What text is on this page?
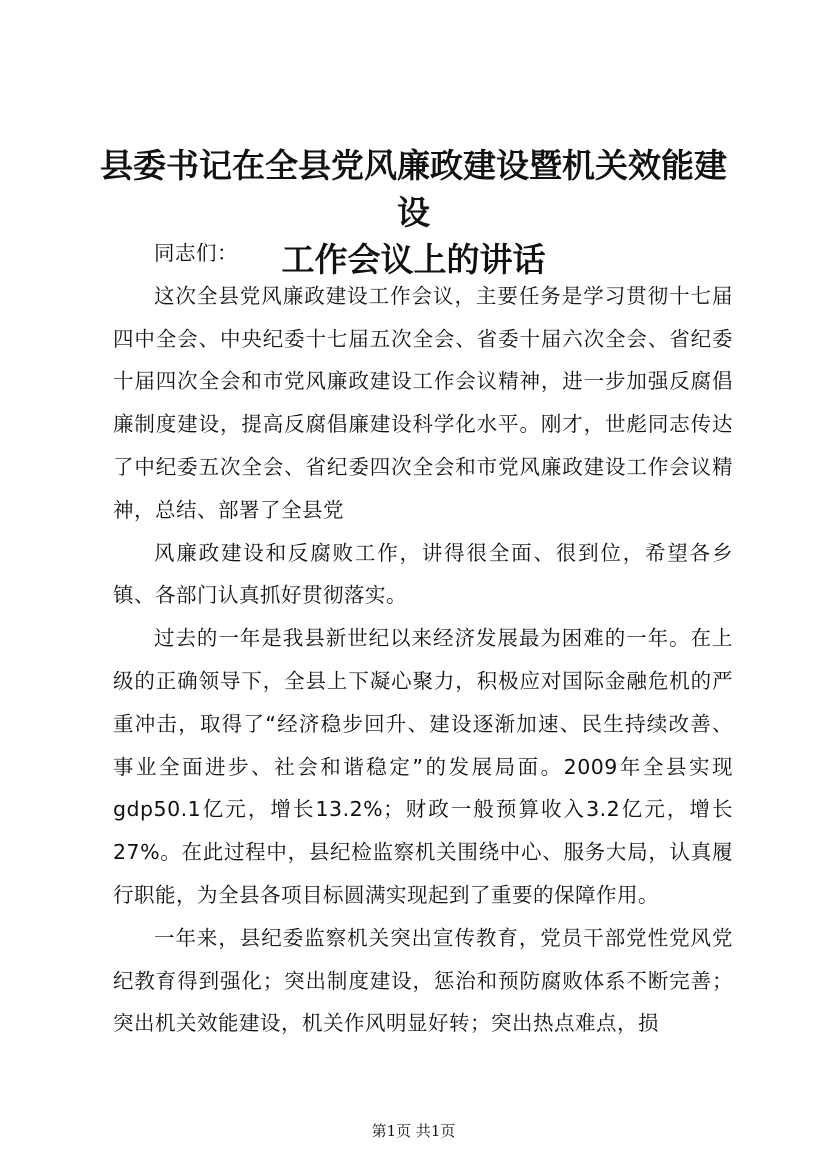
县委书记在全县党风廉政建设暨机关效能建设
工作会议上的讲话

同志们：

这次全县党风廉政建设工作会议，主要任务是学习贯彻十七届四中全会、中央纪委十七届五次全会、省委十届六次全会、省纪委十届四次全会和市党风廉政建设工作会议精神，进一步加强反腐倡廉制度建设，提高反腐倡廉建设科学化水平。刚才，世彪同志传达了中纪委五次全会、省纪委四次全会和市党风廉政建设工作会议精神，总结、部署了全县党

风廉政建设和反腐败工作，讲得很全面、很到位，希望各乡镇、各部门认真抓好贯彻落实。

过去的一年是我县新世纪以来经济发展最为困难的一年。在上级的正确领导下，全县上下凝心聚力，积极应对国际金融危机的严重冲击，取得了“经济稳步回升、建设逐渐加速、民生持续改善、事业全面进步、社会和谐稳定”的发展局面。2009年全县实现gdp50.1亿元，增长13.2%；财政一般预算收入3.2亿元，增长27%。在此过程中，县纪检监察机关围绕中心、服务大局，认真履行职能，为全县各项目标圆满实现起到了重要的保障作用。

一年来，县纪委监察机关突出宣传教育，党员干部党性党风党纪教育得到强化；突出制度建设，惩治和预防腐败体系不断完善；突出机关效能建设，机关作风明显好转；突出热点难点，损

第1页 共1页
